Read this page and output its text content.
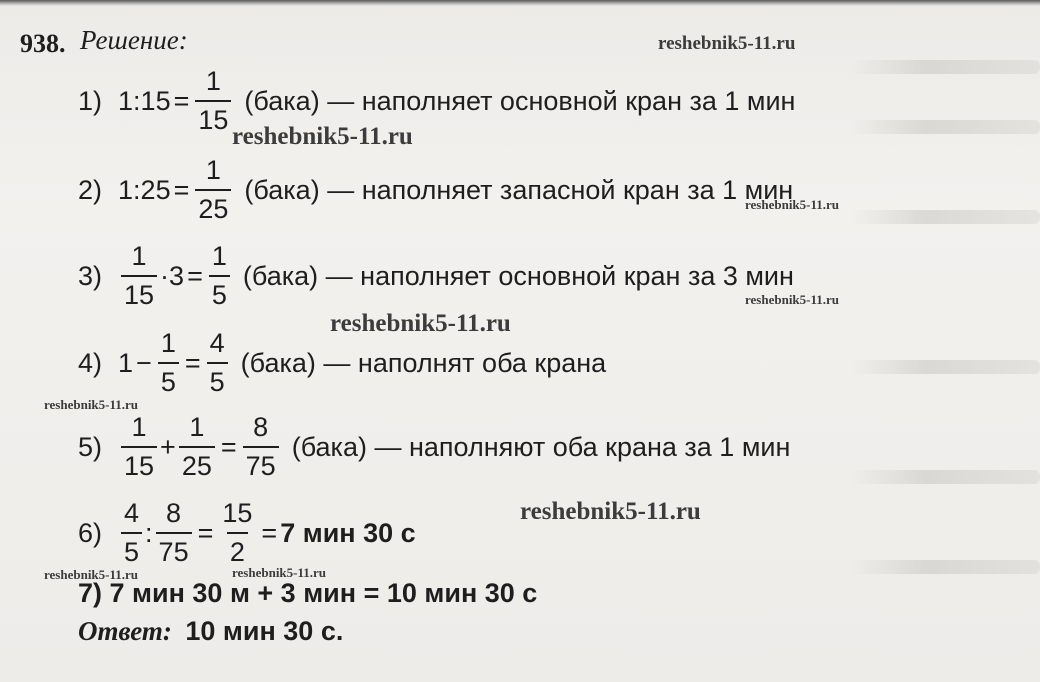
938. Решение:	reshebnik5-11.ru
reshebnik5-11.ru
reshebnik5-11.ru
reshebnik5-11.ru
reshebnik5-11.ru
reshebnik5-11.ru
reshebnik5-11.ru
reshebnik5-11.ru	reshebnik5-11.ru
1) 1 : $15 = \frac{1}{15}$ (бака) — наполняет основной кран за 1 мин
2) 1 : $25 = \frac{1}{25}$ (бака) — наполняет запасной кран за 1 мин
$3) \frac{1}{15} \cdot 3 = \frac{1}{5}$ (бака) — наполняет основной кран за 3 мин
4) $1 - \frac{1}{5} = \frac{4}{5}$ (бака) — наполнят оба крана
$5) \frac{1}{15} + \frac{1}{25} = \frac{8}{75}$ (бака) — наполняют оба крана за 1 мин
$6) \frac{4}{5}$ : $\frac{8}{75} = \frac{15}{2} = 7$ мин 30 с
7) 7 мин 30 м + 3 мин = 10 мин 30 с
Ответ: 10 мин 30 с.
